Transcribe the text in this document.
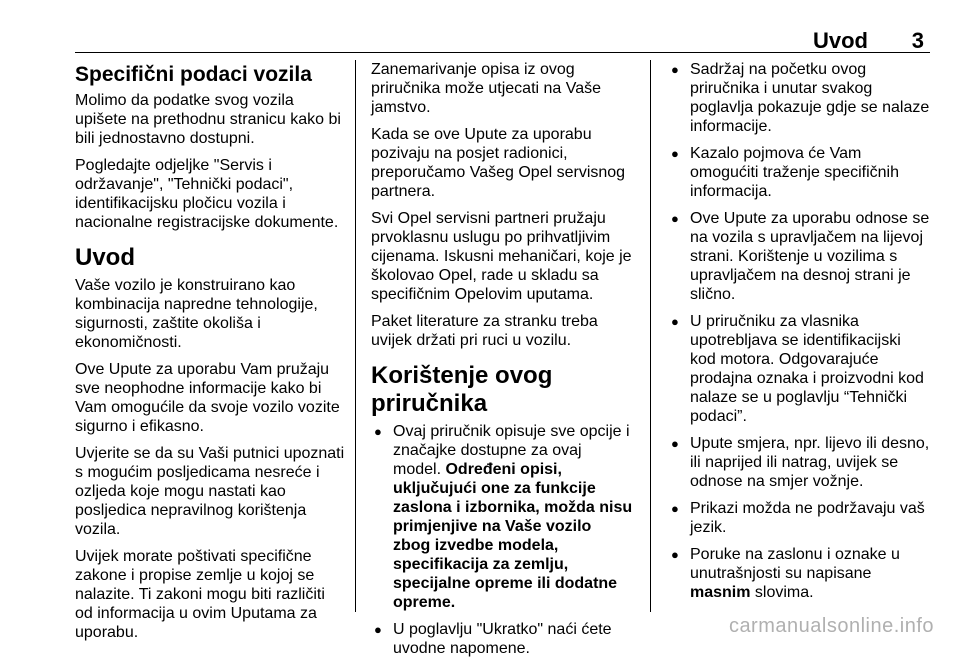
Uvod 3
Specifični podaci vozila

Molimo da podatke svog vozila upišete na prethodnu stranicu kako bi bili jednostavno dostupni.

Pogledajte odjeljke "Servis i održavanje", "Tehnički podaci", identifikacijsku pločicu vozila i nacionalne registracijske dokumente.

Uvod

Vaše vozilo je konstruirano kao kombinacija napredne tehnologije, sigurnosti, zaštite okoliša i ekonomičnosti.

Ove Upute za uporabu Vam pružaju sve neophodne informacije kako bi Vam omogućile da svoje vozilo vozite sigurno i efikasno.

Uvjerite se da su Vaši putnici upoznati s mogućim posljedicama nesreće i ozljeda koje mogu nastati kao posljedica nepravilnog korištenja vozila.

Uvijek morate poštivati specifične zakone i propise zemlje u kojoj se nalazite. Ti zakoni mogu biti različiti od informacija u ovim Uputama za uporabu.

Zanemarivanje opisa iz ovog priručnika može utjecati na Vaše jamstvo.

Kada se ove Upute za uporabu pozivaju na posjet radionici, preporučamo Vašeg Opel servisnog partnera.

Svi Opel servisni partneri pružaju prvoklasnu uslugu po prihvatljivim cijenama. Iskusni mehaničari, koje je školovao Opel, rade u skladu sa specifičnim Opelovim uputama.

Paket literature za stranku treba uvijek držati pri ruci u vozilu.

Korištenje ovog priručnika
● Ovaj priručnik opisuje sve opcije i značajke dostupne za ovaj model. Određeni opisi, uključujući one za funkcije zaslona i izbornika, možda nisu primjenjive na Vaše vozilo zbog izvedbe modela, specifikacija za zemlju, specijalne opreme ili dodatne opreme.
● U poglavlju "Ukratko" naći ćete uvodne napomene.
● Sadržaj na početku ovog priručnika i unutar svakog poglavlja pokazuje gdje se nalaze informacije.
● Kazalo pojmova će Vam omogućiti traženje specifičnih informacija.
● Ove Upute za uporabu odnose se na vozila s upravljačem na lijevoj strani. Korištenje u vozilima s upravljačem na desnoj strani je slično.
● U priručniku za vlasnika upotrebljava se identifikacijski kod motora. Odgovarajuće prodajna oznaka i proizvodni kod nalaze se u poglavlju “Tehnički podaci”.
● Upute smjera, npr. lijevo ili desno, ili naprijed ili natrag, uvijek se odnose na smjer vožnje.
● Prikazi možda ne podržavaju vaš jezik.
● Poruke na zaslonu i oznake u unutrašnjosti su napisane masnim slovima.
carmanualsonline.info
